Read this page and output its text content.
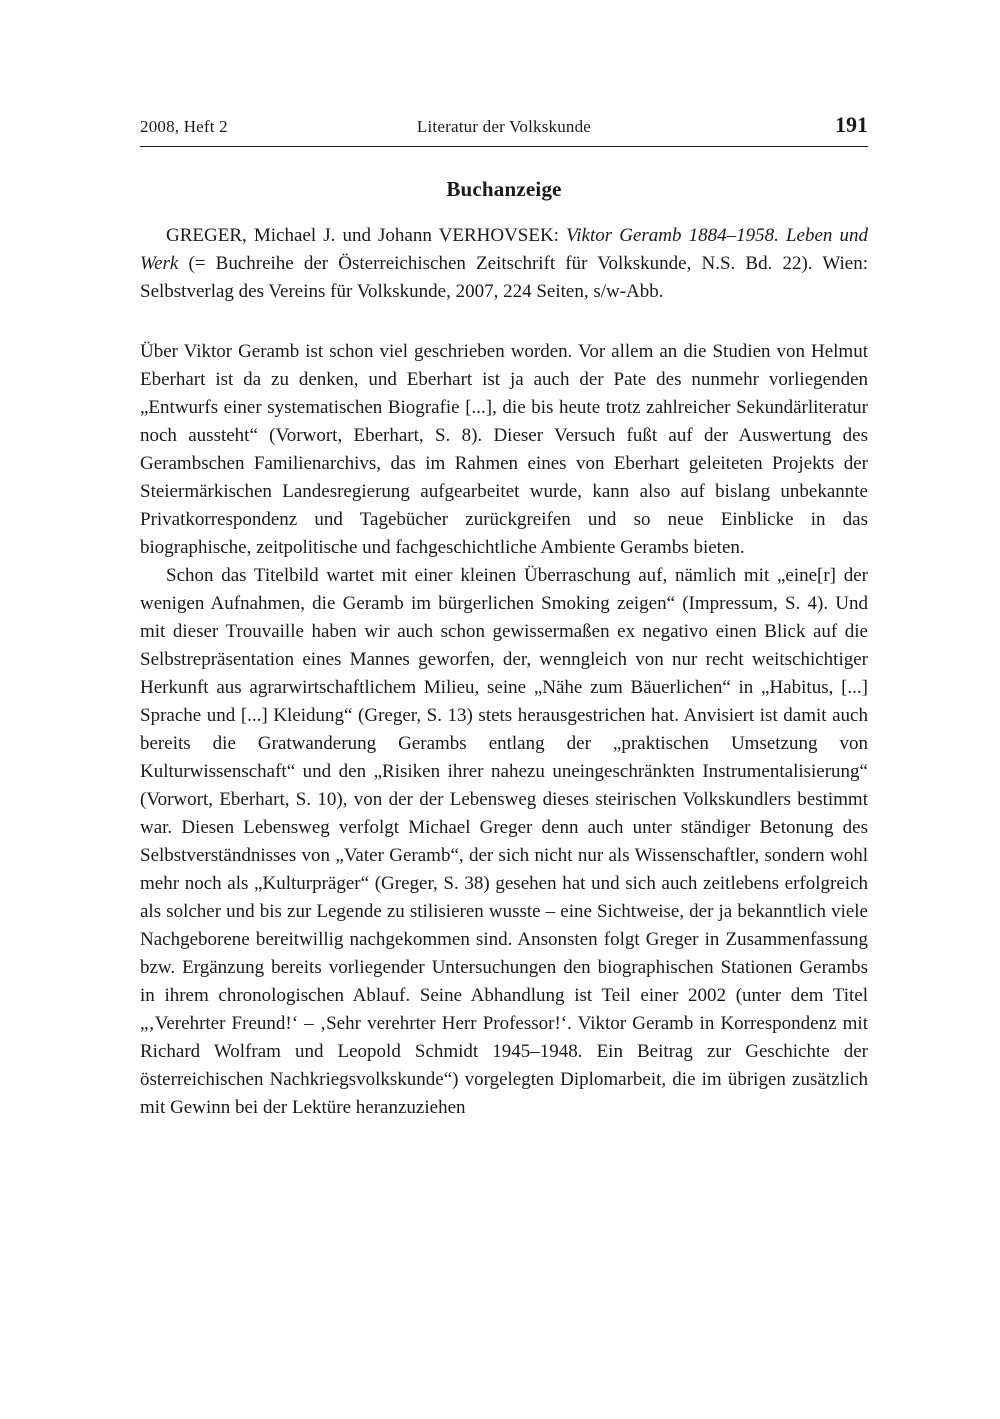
2008, Heft 2	Literatur der Volkskunde	191
Buchanzeige

GREGER, Michael J. und Johann VERHOVSEK: Viktor Geramb 1884–1958. Leben und Werk (= Buchreihe der Österreichischen Zeitschrift für Volkskunde, N.S. Bd. 22). Wien: Selbstverlag des Vereins für Volkskunde, 2007, 224 Seiten, s/w-Abb.

Über Viktor Geramb ist schon viel geschrieben worden. Vor allem an die Studien von Helmut Eberhart ist da zu denken, und Eberhart ist ja auch der Pate des nunmehr vorliegenden „Entwurfs einer systematischen Biografie [...], die bis heute trotz zahlreicher Sekundärliteratur noch aussteht“ (Vorwort, Eberhart, S. 8). Dieser Versuch fußt auf der Auswertung des Gerambschen Familienarchivs, das im Rahmen eines von Eberhart geleiteten Projekts der Steiermärkischen Landesregierung aufgearbeitet wurde, kann also auf bislang unbekannte Privatkorrespondenz und Tagebücher zurückgreifen und so neue Einblicke in das biographische, zeitpolitische und fachgeschichtliche Ambiente Gerambs bieten.

Schon das Titelbild wartet mit einer kleinen Überraschung auf, nämlich mit „eine[r] der wenigen Aufnahmen, die Geramb im bürgerlichen Smoking zeigen“ (Impressum, S. 4). Und mit dieser Trouvaille haben wir auch schon gewissermaßen ex negativo einen Blick auf die Selbstrepräsentation eines Mannes geworfen, der, wenngleich von nur recht weitschichtiger Herkunft aus agrarwirtschaftlichem Milieu, seine „Nähe zum Bäuerlichen“ in „Habitus, [...] Sprache und [...] Kleidung“ (Greger, S. 13) stets herausgestrichen hat. Anvisiert ist damit auch bereits die Gratwanderung Gerambs entlang der „praktischen Umsetzung von Kulturwissenschaft“ und den „Risiken ihrer nahezu uneingeschränkten Instrumentalisierung“ (Vorwort, Eberhart, S. 10), von der der Lebensweg dieses steirischen Volkskundlers bestimmt war. Diesen Lebensweg verfolgt Michael Greger denn auch unter ständiger Betonung des Selbstverständnisses von „Vater Geramb“, der sich nicht nur als Wissenschaftler, sondern wohl mehr noch als „Kulturpräger“ (Greger, S. 38) gesehen hat und sich auch zeitlebens erfolgreich als solcher und bis zur Legende zu stilisieren wusste – eine Sichtweise, der ja bekanntlich viele Nachgeborene bereitwillig nachgekommen sind. Ansonsten folgt Greger in Zusammenfassung bzw. Ergänzung bereits vorliegender Untersuchungen den biographischen Stationen Gerambs in ihrem chronologischen Ablauf. Seine Abhandlung ist Teil einer 2002 (unter dem Titel „‚Verehrter Freund!‘ – ‚Sehr verehrter Herr Professor!‘. Viktor Geramb in Korrespondenz mit Richard Wolfram und Leopold Schmidt 1945–1948. Ein Beitrag zur Geschichte der österreichischen Nachkriegsvolkskunde“) vorgelegten Diplomarbeit, die im übrigen zusätzlich mit Gewinn bei der Lektüre heranzuziehen
